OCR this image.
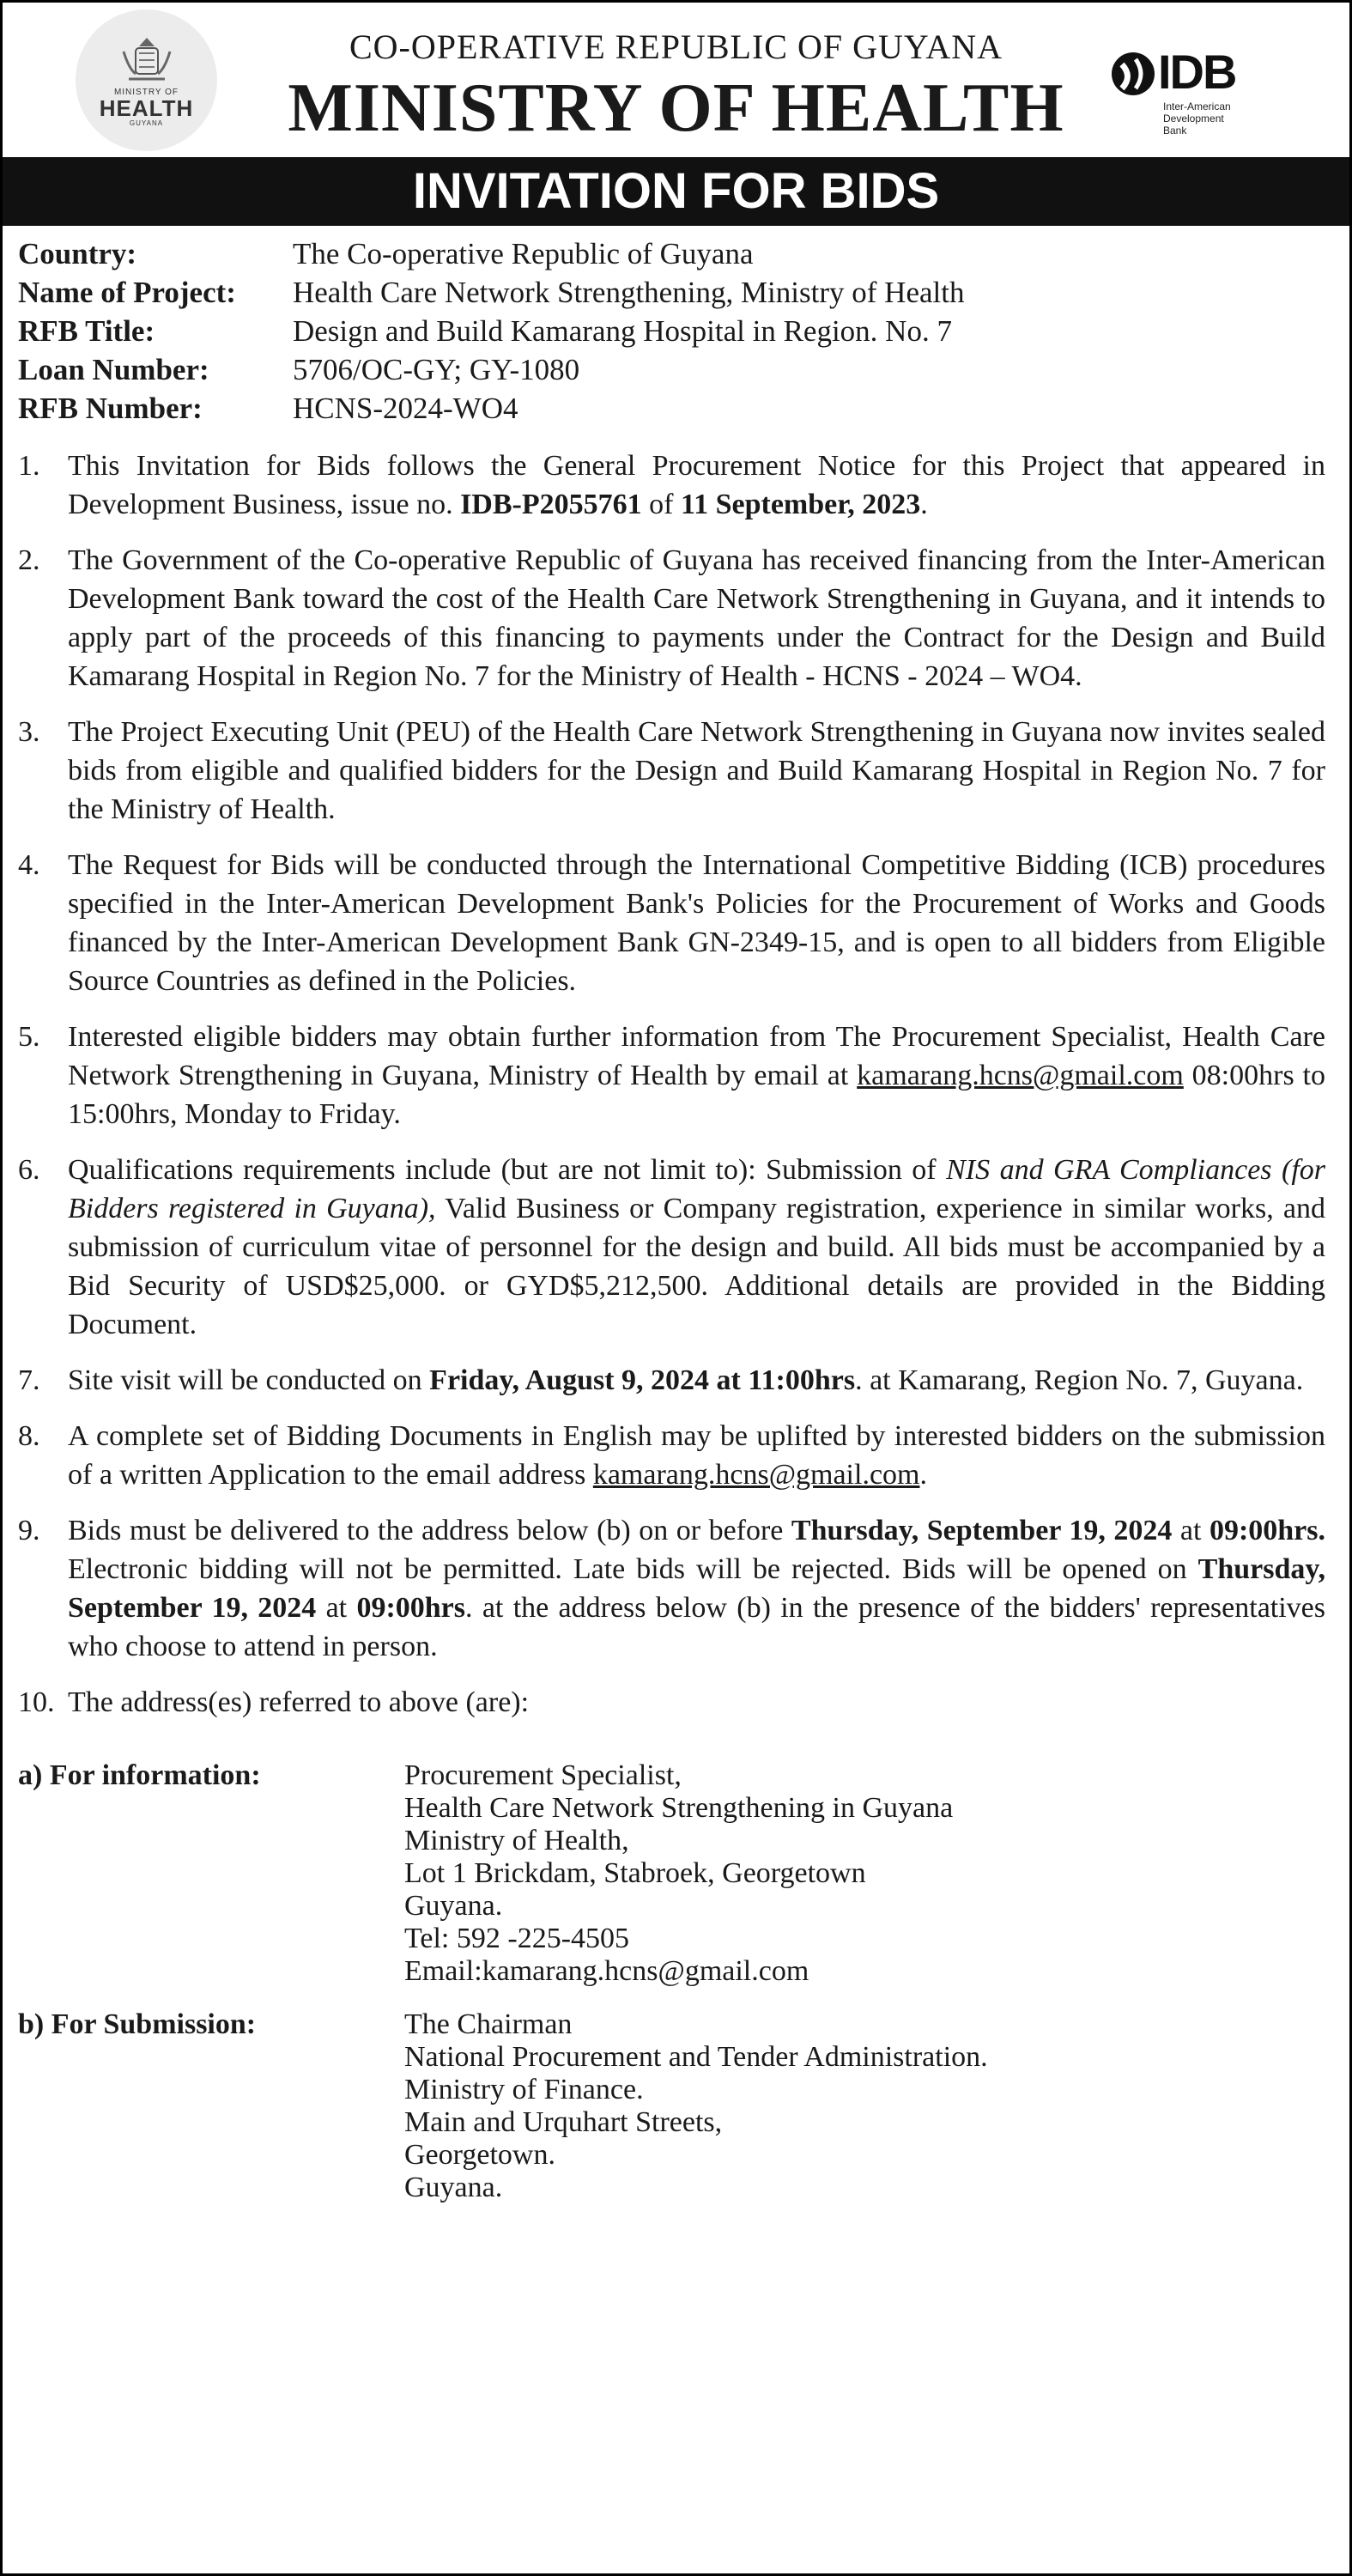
MINISTRY OF
HEALTH
GUYANA
CO-OPERATIVE REPUBLIC OF GUYANA
MINISTRY OF HEALTH	IDB
Inter-American
Development Bank
INVITATION FOR BIDS
Country:	The Co-operative Republic of Guyana
Name of Project:	Health Care Network Strengthening, Ministry of Health
RFB Title:	Design and Build Kamarang Hospital in Region. No. 7
Loan Number:	5706/OC-GY; GY-1080
RFB Number:	HCNS-2024-WO4
1. This Invitation for Bids follows the General Procurement Notice for this Project that appeared in Development Business, issue no. IDB-P2055761 of 11 September, 2023.
2. The Government of the Co-operative Republic of Guyana has received financing from the Inter-American Development Bank toward the cost of the Health Care Network Strengthening in Guyana, and it intends to apply part of the proceeds of this financing to payments under the Contract for the Design and Build Kamarang Hospital in Region No. 7 for the Ministry of Health - HCNS - 2024 – WO4.
3. The Project Executing Unit (PEU) of the Health Care Network Strengthening in Guyana now invites sealed bids from eligible and qualified bidders for the Design and Build Kamarang Hospital in Region No. 7 for the Ministry of Health.
4. The Request for Bids will be conducted through the International Competitive Bidding (ICB) procedures specified in the Inter-American Development Bank's Policies for the Procurement of Works and Goods financed by the Inter-American Development Bank GN-2349-15, and is open to all bidders from Eligible Source Countries as defined in the Policies.
5. Interested eligible bidders may obtain further information from The Procurement Specialist, Health Care Network Strengthening in Guyana, Ministry of Health by email at kamarang.hcns@gmail.com 08:00hrs to 15:00hrs, Monday to Friday.
6. Qualifications requirements include (but are not limit to): Submission of NIS and GRA Compliances (for Bidders registered in Guyana), Valid Business or Company registration, experience in similar works, and submission of curriculum vitae of personnel for the design and build. All bids must be accompanied by a Bid Security of USD$25,000. or GYD$5,212,500. Additional details are provided in the Bidding Document.
7. Site visit will be conducted on Friday, August 9, 2024 at 11:00hrs. at Kamarang, Region No. 7, Guyana.
8. A complete set of Bidding Documents in English may be uplifted by interested bidders on the submission of a written Application to the email address kamarang.hcns@gmail.com.
9. Bids must be delivered to the address below (b) on or before Thursday, September 19, 2024 at 09:00hrs. Electronic bidding will not be permitted. Late bids will be rejected. Bids will be opened on Thursday, September 19, 2024 at 09:00hrs. at the address below (b) in the presence of the bidders' representatives who choose to attend in person.
10. The address(es) referred to above (are):
a) For information:	Procurement Specialist,
Health Care Network Strengthening in Guyana
Ministry of Health,
Lot 1 Brickdam, Stabroek, Georgetown
Guyana.
Tel: 592 -225-4505
Email:kamarang.hcns@gmail.com
b) For Submission:	The Chairman
National Procurement and Tender Administration.
Ministry of Finance.
Main and Urquhart Streets,
Georgetown.
Guyana.
